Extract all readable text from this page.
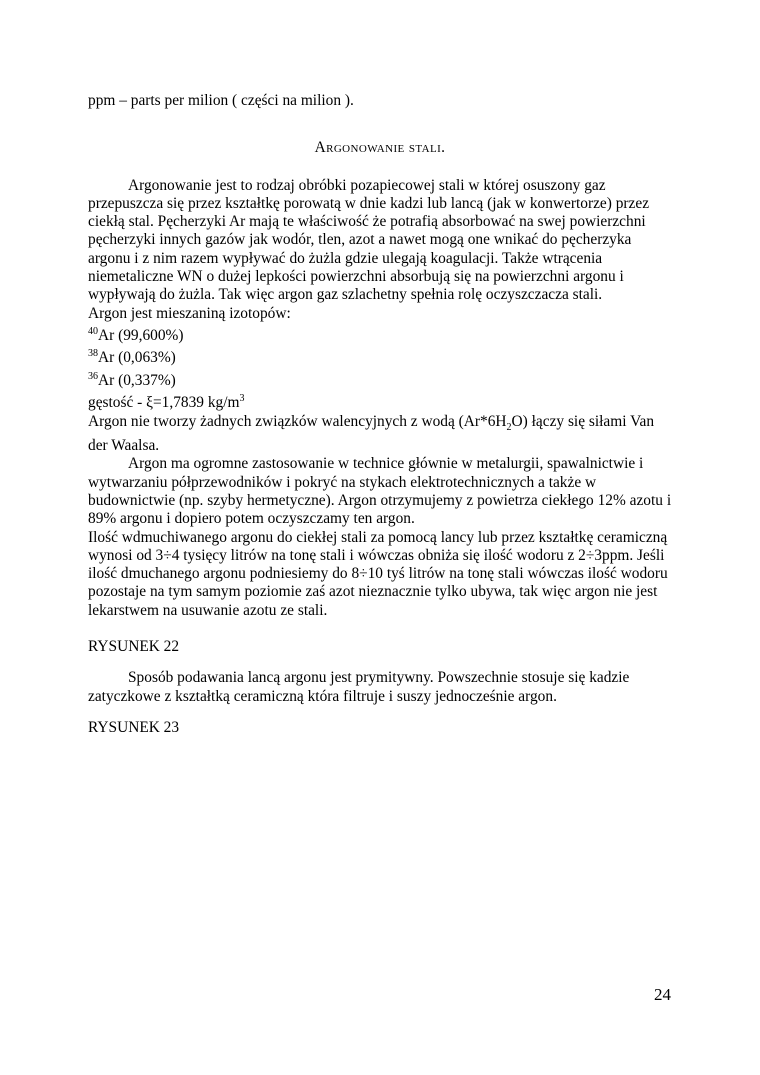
ppm – parts per milion ( części na milion ).

Argonowanie stali.

Argonowanie jest to rodzaj obróbki pozapiecowej stali w której osuszony gaz przepuszcza się przez kształtkę porowatą w dnie kadzi lub lancą (jak w konwertorze) przez ciekłą stal. Pęcherzyki Ar mają te właściwość że potrafią absorbować na swej powierzchni pęcherzyki innych gazów jak wodór, tlen, azot a nawet mogą one wnikać do pęcherzyka argonu i z nim razem wypływać do żużla gdzie ulegają koagulacji. Także wtrącenia niemetaliczne WN o dużej lepkości powierzchni absorbują się na powierzchni argonu i wypływają do żużla. Tak więc argon gaz szlachetny spełnia rolę oczyszczacza stali.

Argon jest mieszaniną izotopów:

$^{40}$Ar (99,600%)

$^{38}$Ar (0,063%)

$^{36}$Ar (0,337%)

gęstość - ξ=1,7839 $kg/m^3$

Argon nie tworzy żadnych związków walencyjnych z wodą $(Ar*6H_2O)$ łączy się siłami Van der Waalsa.

Argon ma ogromne zastosowanie w technice głównie w metalurgii, spawalnictwie i wytwarzaniu półprzewodników i pokryć na stykach elektrotechnicznych a także w budownictwie (np. szyby hermetyczne). Argon otrzymujemy z powietrza ciekłego 12% azotu i 89% argonu i dopiero potem oczyszczamy ten argon.

Ilość wdmuchiwanego argonu do ciekłej stali za pomocą lancy lub przez kształtkę ceramiczną wynosi od 3÷4 tysięcy litrów na tonę stali i wówczas obniża się ilość wodoru z 2÷3ppm. Jeśli ilość dmuchanego argonu podniesiemy do 8÷10 tyś litrów na tonę stali wówczas ilość wodoru pozostaje na tym samym poziomie zaś azot nieznacznie tylko ubywa, tak więc argon nie jest lekarstwem na usuwanie azotu ze stali.

RYSUNEK 22

Sposób podawania lancą argonu jest prymitywny. Powszechnie stosuje się kadzie zatyczkowe z kształtką ceramiczną która filtruje i suszy jednocześnie argon.

RYSUNEK 23

24
